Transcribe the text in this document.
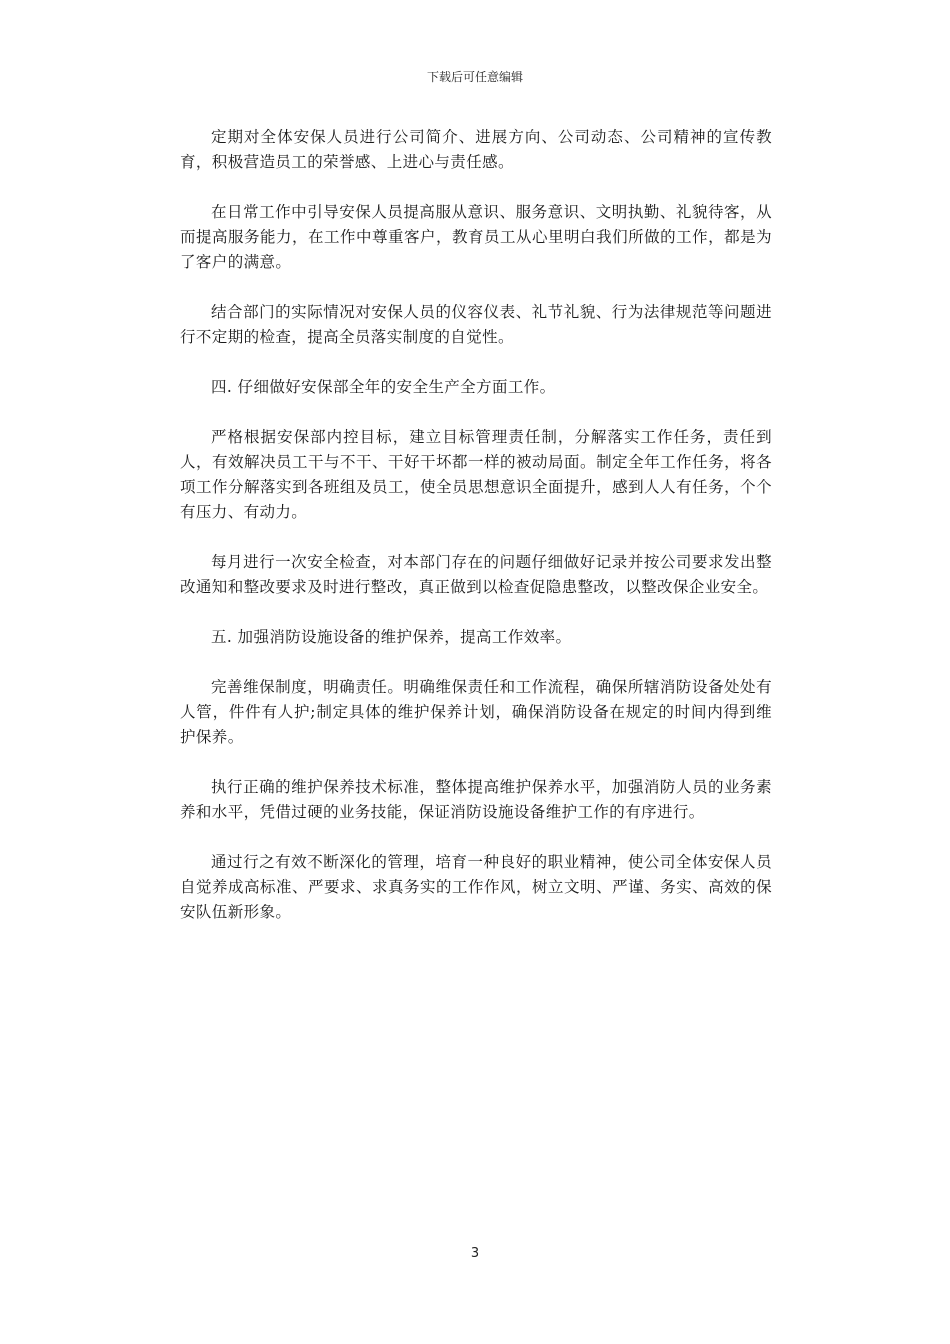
下载后可任意编辑

定期对全体安保人员进行公司简介、进展方向、公司动态、公司精神的宣传教育，积极营造员工的荣誉感、上进心与责任感。

在日常工作中引导安保人员提高服从意识、服务意识、文明执勤、礼貌待客，从而提高服务能力，在工作中尊重客户，教育员工从心里明白我们所做的工作，都是为了客户的满意。

结合部门的实际情况对安保人员的仪容仪表、礼节礼貌、行为法律规范等问题进行不定期的检查，提高全员落实制度的自觉性。

四. 仔细做好安保部全年的安全生产全方面工作。

严格根据安保部内控目标，建立目标管理责任制，分解落实工作任务，责任到人，有效解决员工干与不干、干好干坏都一样的被动局面。制定全年工作任务，将各项工作分解落实到各班组及员工，使全员思想意识全面提升，感到人人有任务，个个有压力、有动力。

每月进行一次安全检查，对本部门存在的问题仔细做好记录并按公司要求发出整改通知和整改要求及时进行整改，真正做到以检查促隐患整改，以整改保企业安全。

五. 加强消防设施设备的维护保养，提高工作效率。

完善维保制度，明确责任。明确维保责任和工作流程，确保所辖消防设备处处有人管，件件有人护;制定具体的维护保养计划，确保消防设备在规定的时间内得到维护保养。

执行正确的维护保养技术标准，整体提高维护保养水平，加强消防人员的业务素养和水平，凭借过硬的业务技能，保证消防设施设备维护工作的有序进行。

通过行之有效不断深化的管理，培育一种良好的职业精神，使公司全体安保人员自觉养成高标准、严要求、求真务实的工作作风，树立文明、严谨、务实、高效的保安队伍新形象。

3
